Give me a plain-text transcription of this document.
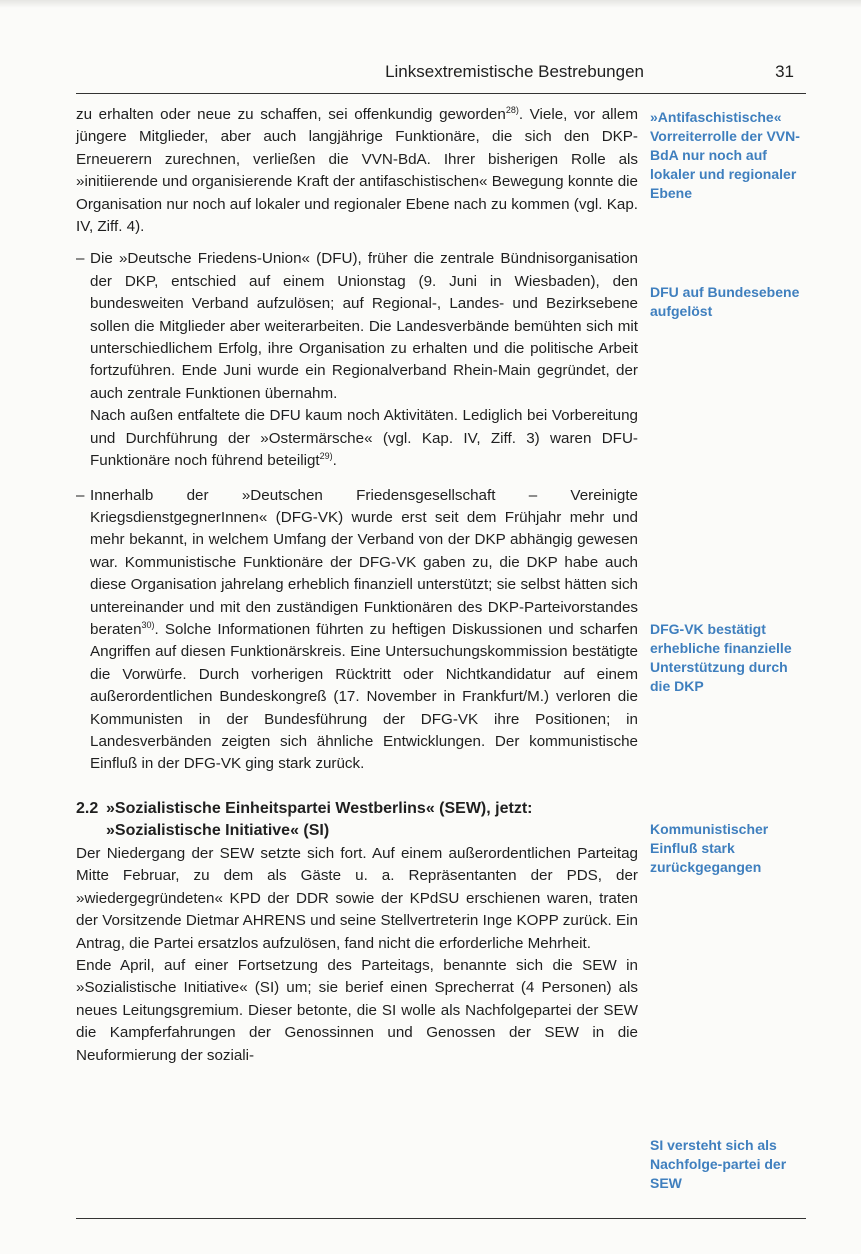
Linksextremistische Bestrebungen	31

zu erhalten oder neue zu schaffen, sei offenkundig geworden$^{28)}$. Viele, vor allem jüngere Mitglieder, aber auch langjährige Funktionäre, die sich den DKP-Erneuerern zurechnen, verließen die VVN-BdA. Ihrer bisherigen Rolle als »initiierende und organisierende Kraft der antifaschistischen« Bewegung konnte die Organisation nur noch auf lokaler und regionaler Ebene nach zu kommen (vgl. Kap. IV, Ziff. 4).

– Die »Deutsche Friedens-Union« (DFU), früher die zentrale Bündnisorganisation der DKP, entschied auf einem Unionstag (9. Juni in Wiesbaden), den bundesweiten Verband aufzulösen; auf Regional-, Landes- und Bezirksebene sollen die Mitglieder aber weiterarbeiten. Die Landesverbände bemühten sich mit unterschiedlichem Erfolg, ihre Organisation zu erhalten und die politische Arbeit fortzuführen. Ende Juni wurde ein Regionalverband Rhein-Main gegründet, der auch zentrale Funktionen übernahm.
Nach außen entfaltete die DFU kaum noch Aktivitäten. Lediglich bei Vorbereitung und Durchführung der »Ostermärsche« (vgl. Kap. IV, Ziff. 3) waren DFU-Funktionäre noch führend beteiligt$^{29)}$.

– Innerhalb der »Deutschen Friedensgesellschaft – Vereinigte KriegsdienstgegnerInnen« (DFG-VK) wurde erst seit dem Frühjahr mehr und mehr bekannt, in welchem Umfang der Verband von der DKP abhängig gewesen war. Kommunistische Funktionäre der DFG-VK gaben zu, die DKP habe auch diese Organisation jahrelang erheblich finanziell unterstützt; sie selbst hätten sich untereinander und mit den zuständigen Funktionären des DKP-Parteivorstandes beraten$^{30)}$. Solche Informationen führten zu heftigen Diskussionen und scharfen Angriffen auf diesen Funktionärskreis. Eine Untersuchungskommission bestätigte die Vorwürfe. Durch vorherigen Rücktritt oder Nichtkandidatur auf einem außerordentlichen Bundeskongreß (17. November in Frankfurt/M.) verloren die Kommunisten in der Bundesführung der DFG-VK ihre Positionen; in Landesverbänden zeigten sich ähnliche Entwicklungen. Der kommunistische Einfluß in der DFG-VK ging stark zurück.

2.2 »Sozialistische Einheitspartei Westberlins« (SEW), jetzt:
»Sozialistische Initiative« (SI)

Der Niedergang der SEW setzte sich fort. Auf einem außerordentlichen Parteitag Mitte Februar, zu dem als Gäste u. a. Repräsentanten der PDS, der »wiedergegründeten« KPD der DDR sowie der KPdSU erschienen waren, traten der Vorsitzende Dietmar AHRENS und seine Stellvertreterin Inge KOPP zurück. Ein Antrag, die Partei ersatzlos aufzulösen, fand nicht die erforderliche Mehrheit.

Ende April, auf einer Fortsetzung des Parteitags, benannte sich die SEW in »Sozialistische Initiative« (SI) um; sie berief einen Sprecherrat (4 Personen) als neues Leitungsgremium. Dieser betonte, die SI wolle als Nachfolgepartei der SEW die Kampferfahrungen der Genossinnen und Genossen der SEW in die Neuformierung der soziali-

»Antifaschistische« Vorreiterrolle der VVN-BdA nur noch auf lokaler und regionaler Ebene
DFU auf Bundesebene aufgelöst
DFG-VK bestätigt erhebliche finanzielle Unterstützung durch die DKP
Kommunistischer Einfluß stark zurückgegangen
SI versteht sich als Nachfolge-partei der SEW
